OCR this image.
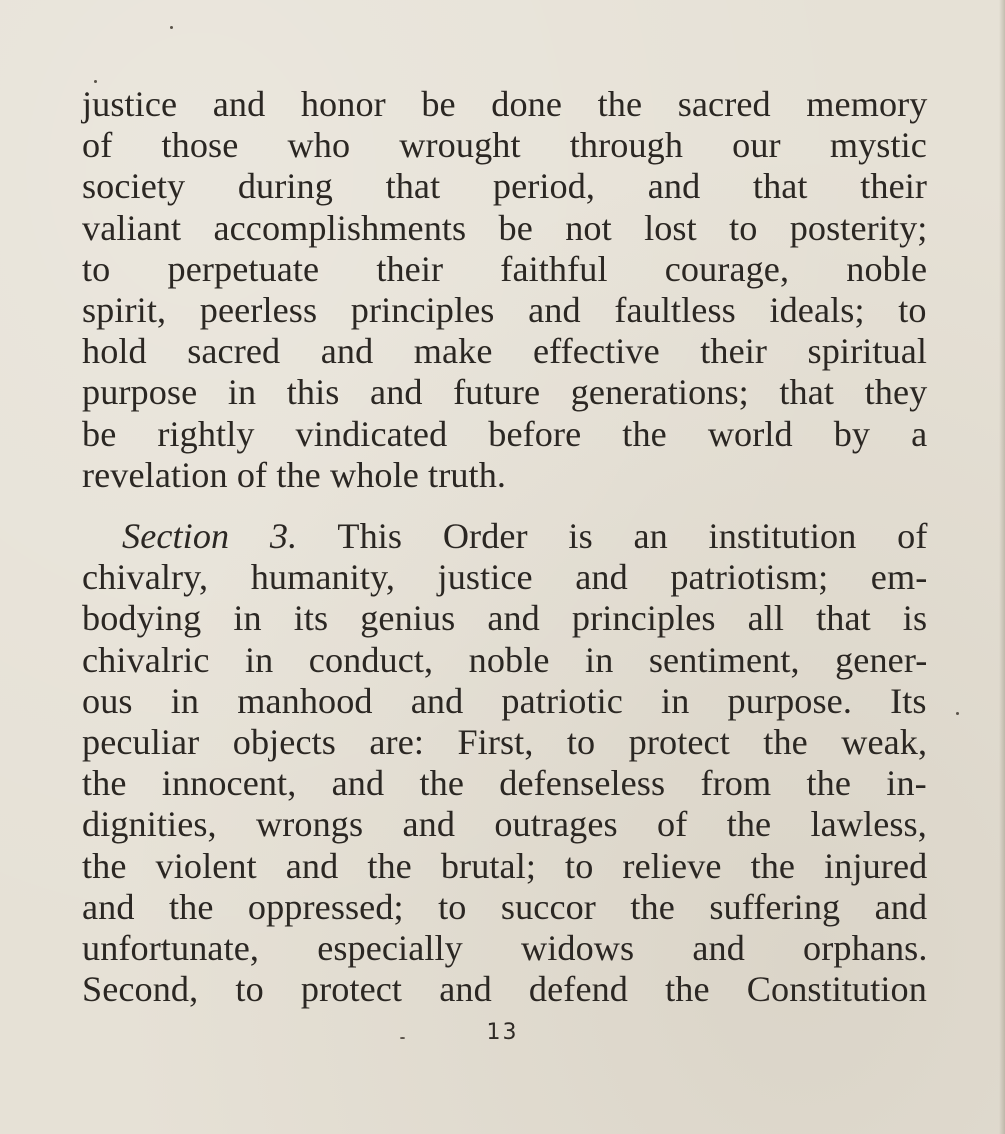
justice and honor be done the sacred memory
of those who wrought through our mystic
society during that period, and that their
valiant accomplishments be not lost to posterity;
to perpetuate their faithful courage, noble
spirit, peerless principles and faultless ideals; to
hold sacred and make effective their spiritual
purpose in this and future generations; that they
be rightly vindicated before the world by a
revelation of the whole truth.
Section 3. This Order is an institution of
chivalry, humanity, justice and patriotism; em-
bodying in its genius and principles all that is
chivalric in conduct, noble in sentiment, gener-
ous in manhood and patriotic in purpose. Its
peculiar objects are: First, to protect the weak,
the innocent, and the defenseless from the in-
dignities, wrongs and outrages of the lawless,
the violent and the brutal; to relieve the injured
and the oppressed; to succor the suffering and
unfortunate, especially widows and orphans.
Second, to protect and defend the Constitution
13
